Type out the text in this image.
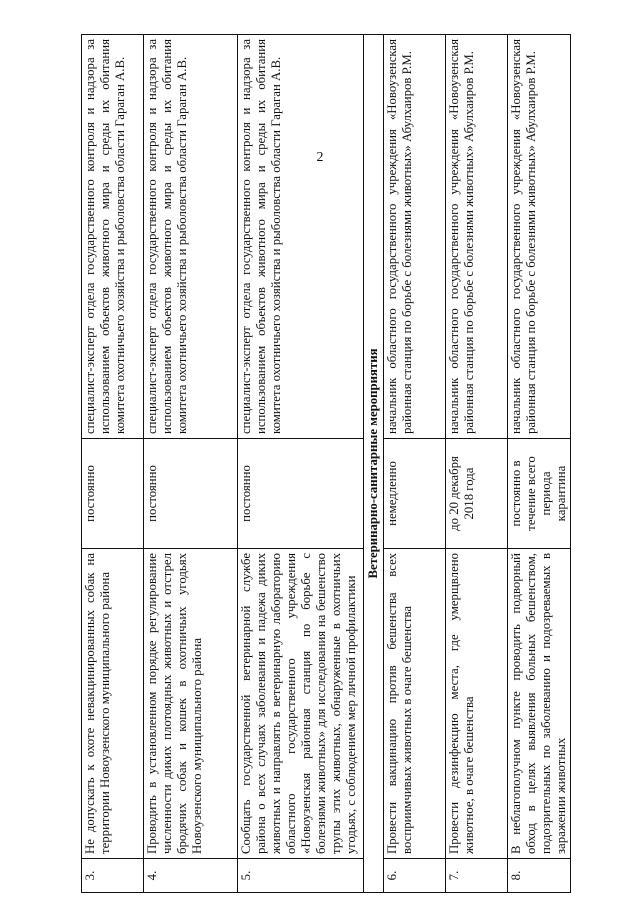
2
3.	Не допускать к охоте невакцинированных собак на территории Новоузенского муниципального района	постоянно	специалист-эксперт отдела государственного контроля и надзора за использованием объектов животного мира и среды их обитания комитета охотничьего хозяйства и рыболовства области Гараган А.В.
4.	Проводить в установленном порядке регулирование численности диких плотоядных животных и отстрел бродячих собак и кошек в охотничьих угодьях Новоузенского муниципального района	постоянно	специалист-эксперт отдела государственного контроля и надзора за использованием объектов животного мира и среды их обитания комитета охотничьего хозяйства и рыболовства области Гараган А.В.
5.	Сообщать государственной ветеринарной службе района о всех случаях заболевания и падежа диких животных и направлять в ветеринарную лабораторию областного государственного учреждения «Новоузенская районная станция по борьбе с болезнями животных» для исследования на бешенство трупы этих животных, обнаруженные в охотничьих угодьях, с соблюдением мер личной профилактики	постоянно	специалист-эксперт отдела государственного контроля и надзора за использованием объектов животного мира и среды их обитания комитета охотничьего хозяйства и рыболовства области Гараган А.В.
Ветеринарно-санитарные мероприятия			
6.	Провести вакцинацию против бешенства всех восприимчивых животных в очаге бешенства	немедленно	начальник областного государственного учреждения «Новоузенская районная станция по борьбе с болезнями животных» Абулхаиров Р.М.
7.	Провести дезинфекцию места, где умерщвлено животное, в очаге бешенства	до 20 декабря 2018 года	начальник областного государственного учреждения «Новоузенская районная станция по борьбе с болезнями животных» Абулхаиров Р.М.
8.	В неблагополучном пункте проводить подворный обход в целях выявления больных бешенством, подозрительных по заболеванию и подозреваемых в заражении животных	постоянно в течение всего периода карантина	начальник областного государственного учреждения «Новоузенская районная станция по борьбе с болезнями животных» Абулхаиров Р.М.
